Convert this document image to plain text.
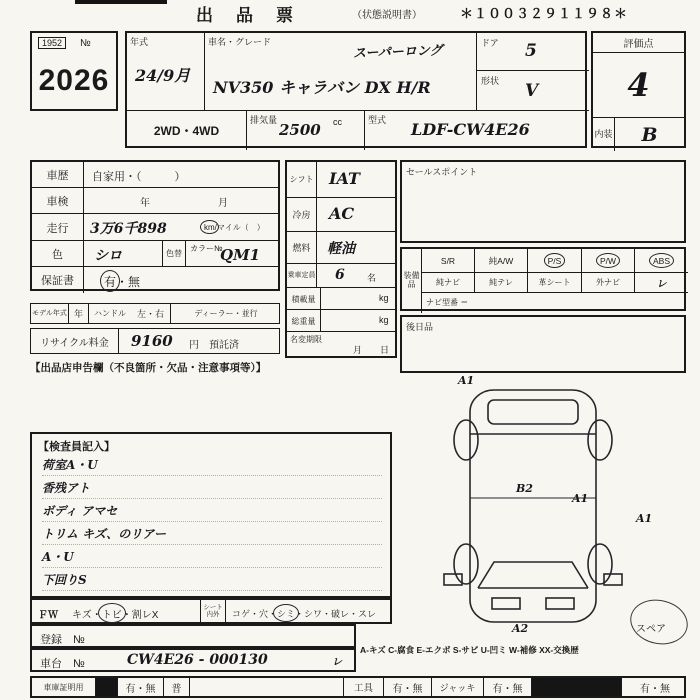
出　品　票	（状態説明書）	＊１００３２９１１９８＊
1952	№
2026
年式
24/9月
車名・グレード
スーパーロング
NV350 キャラバン DX H/R
ドア 5
形状 V
2WD・4WD
排気量
2500 cc	型式 LDF-CW4E26
評価点
4
内装	B
車歴	自家用・（　　　）
車検	年	月
走行	3万6千898	km/マイル（　）
色	シロ	色替
カラー№
QM1
保証書	有・無
モデル年式 年	ハンドル	左・右	ディーラー・並行
リサイクル料金	9160 円　預託済
【出品店申告欄（不良箇所・欠品・注意事項等）】
シフト IAT
冷房	AC
燃料	軽油
乗車定員 6 名
積載量	kg
総重量	kg
名変期限
月　　日
セールスポイント
装備品
S/R	純A/W	P/S	P/W	ABS
純ナビ	純テレ	革シート	外ナビ	レ
ナビ型番 ＝
後日品
A1
B2
A1
A1
A2	スペア
【検査員記入】
荷室A・U
香残アト
ボディ アマセ
トリム キズ、のリアー
A・U
下回りS
ＦＷ キズ・トビ・割レX
シート内外	コゲ・穴・シミ・シワ・破レ・スレ
登録　№
車台　№	CW4E26 - 000130	レ
A-キズ C-腐食 E-エクボ S-サビ U-凹ミ W-補修 XX-交換歴
車庫証明用	有・無	普	工具	有・無	ジャッキ	有・無	有・無
